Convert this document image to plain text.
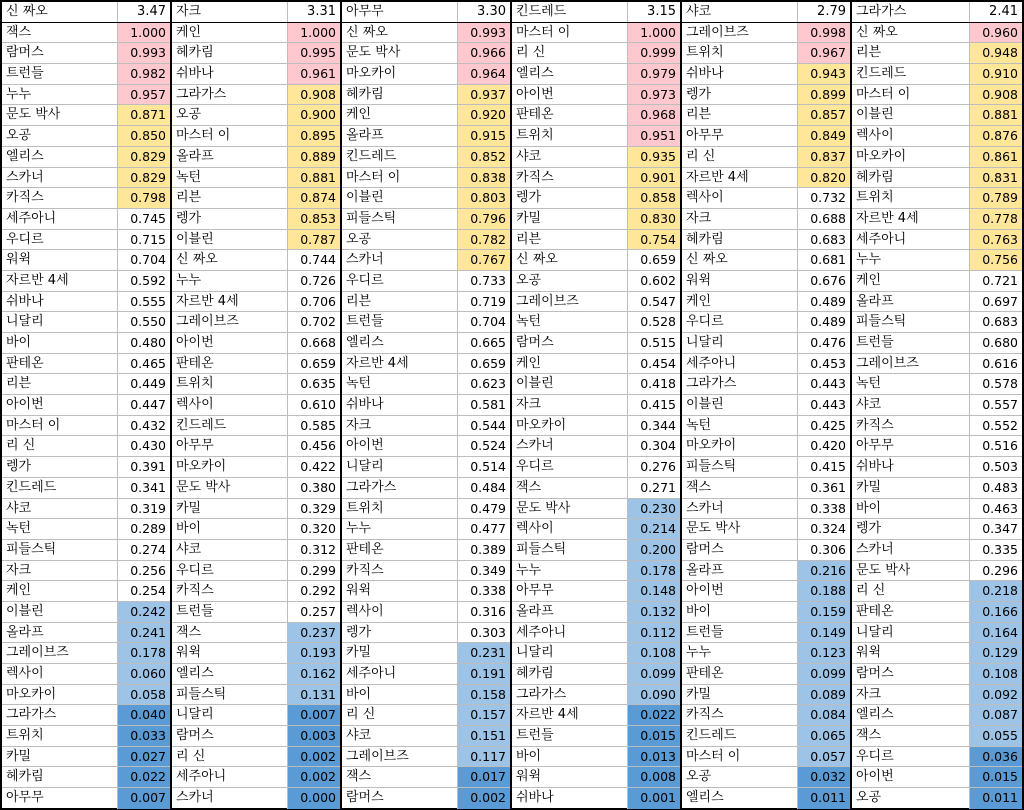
신 짜오	3.47
잭스	1.000
람머스	0.993
트런들	0.982
누누	0.957
문도 박사	0.871
오공	0.850
엘리스	0.829
스카너	0.829
카직스	0.798
세주아니	0.745
우디르	0.715
워윅	0.704
자르반 4세	0.592
쉬바나	0.555
니달리	0.550
바이	0.480
판테온	0.465
리븐	0.449
아이번	0.447
마스터 이	0.432
리 신	0.430
렝가	0.391
킨드레드	0.341
샤코	0.319
녹턴	0.289
피들스틱	0.274
자크	0.256
케인	0.254
이블린	0.242
올라프	0.241
그레이브즈	0.178
렉사이	0.060
마오카이	0.058
그라가스	0.040
트위치	0.033
카밀	0.027
헤카림	0.022
아무무	0.007
자크	3.31
케인	1.000
헤카림	0.995
쉬바나	0.961
그라가스	0.908
오공	0.900
마스터 이	0.895
올라프	0.889
녹턴	0.881
리븐	0.874
렝가	0.853
이블린	0.787
신 짜오	0.744
누누	0.726
자르반 4세	0.706
그레이브즈	0.702
아이번	0.668
판테온	0.659
트위치	0.635
렉사이	0.610
킨드레드	0.585
아무무	0.456
마오카이	0.422
문도 박사	0.380
카밀	0.329
바이	0.320
샤코	0.312
우디르	0.299
카직스	0.292
트런들	0.257
잭스	0.237
워윅	0.193
엘리스	0.162
피들스틱	0.131
니달리	0.007
람머스	0.003
리 신	0.002
세주아니	0.002
스카너	0.000
아무무	3.30
신 짜오	0.993
문도 박사	0.966
마오카이	0.964
헤카림	0.937
케인	0.920
올라프	0.915
킨드레드	0.852
마스터 이	0.838
이블린	0.803
피들스틱	0.796
오공	0.782
스카너	0.767
우디르	0.733
리븐	0.719
트런들	0.704
엘리스	0.665
자르반 4세	0.659
녹턴	0.623
쉬바나	0.581
자크	0.544
아이번	0.524
니달리	0.514
그라가스	0.484
트위치	0.479
누누	0.477
판테온	0.389
카직스	0.349
워윅	0.338
렉사이	0.316
렝가	0.303
카밀	0.231
세주아니	0.191
바이	0.158
리 신	0.157
샤코	0.151
그레이브즈	0.117
잭스	0.017
람머스	0.002
킨드레드	3.15
마스터 이	1.000
리 신	0.999
엘리스	0.979
아이번	0.973
판테온	0.968
트위치	0.951
샤코	0.935
카직스	0.901
렝가	0.858
카밀	0.830
리븐	0.754
신 짜오	0.659
오공	0.602
그레이브즈	0.547
녹턴	0.528
람머스	0.515
케인	0.454
이블린	0.418
자크	0.415
마오카이	0.344
스카너	0.304
우디르	0.276
잭스	0.271
문도 박사	0.230
렉사이	0.214
피들스틱	0.200
누누	0.178
아무무	0.148
올라프	0.132
세주아니	0.112
니달리	0.108
헤카림	0.099
그라가스	0.090
자르반 4세	0.022
트런들	0.015
바이	0.013
워윅	0.008
쉬바나	0.001
샤코	2.79
그레이브즈	0.998
트위치	0.967
쉬바나	0.943
렝가	0.899
리븐	0.857
아무무	0.849
리 신	0.837
자르반 4세	0.820
렉사이	0.732
자크	0.688
헤카림	0.683
신 짜오	0.681
워윅	0.676
케인	0.489
우디르	0.489
니달리	0.476
세주아니	0.453
그라가스	0.443
이블린	0.443
녹턴	0.425
마오카이	0.420
피들스틱	0.415
잭스	0.361
스카너	0.338
문도 박사	0.324
람머스	0.306
올라프	0.216
아이번	0.188
바이	0.159
트런들	0.149
누누	0.123
판테온	0.099
카밀	0.089
카직스	0.084
킨드레드	0.065
마스터 이	0.057
오공	0.032
엘리스	0.011
그라가스	2.41
신 짜오	0.960
리븐	0.948
킨드레드	0.910
마스터 이	0.908
이블린	0.881
렉사이	0.876
마오카이	0.861
헤카림	0.831
트위치	0.789
자르반 4세	0.778
세주아니	0.763
누누	0.756
케인	0.721
올라프	0.697
피들스틱	0.683
트런들	0.680
그레이브즈	0.616
녹턴	0.578
샤코	0.557
카직스	0.552
아무무	0.516
쉬바나	0.503
카밀	0.483
바이	0.463
렝가	0.347
스카너	0.335
문도 박사	0.296
리 신	0.218
판테온	0.166
니달리	0.164
워윅	0.129
람머스	0.108
자크	0.092
엘리스	0.087
잭스	0.055
우디르	0.036
아이번	0.015
오공	0.011
